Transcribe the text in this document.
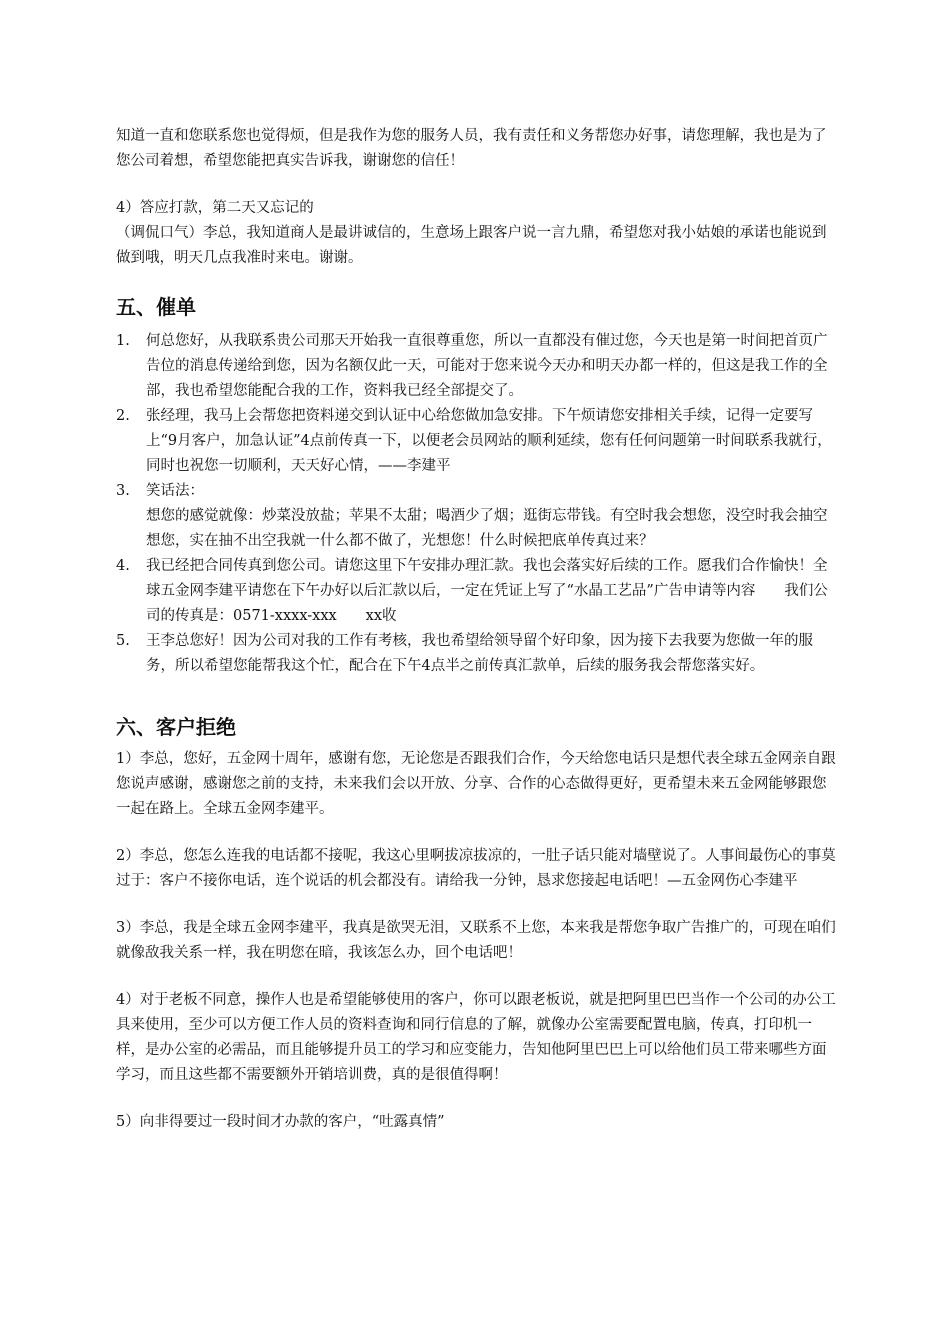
知道一直和您联系您也觉得烦，但是我作为您的服务人员，我有责任和义务帮您办好事，请您理解，我也是为了您公司着想，希望您能把真实告诉我，谢谢您的信任！

4）答应打款，第二天又忘记的

（调侃口气）李总，我知道商人是最讲诚信的，生意场上跟客户说一言九鼎，希望您对我小姑娘的承诺也能说到做到哦，明天几点我准时来电。谢谢。

五、催单
1. 何总您好，从我联系贵公司那天开始我一直很尊重您，所以一直都没有催过您，今天也是第一时间把首页广告位的消息传递给到您，因为名额仅此一天，可能对于您来说今天办和明天办都一样的，但这是我工作的全部，我也希望您能配合我的工作，资料我已经全部提交了。
2. 张经理，我马上会帮您把资料递交到认证中心给您做加急安排。下午烦请您安排相关手续，记得一定要写上“9月客户，加急认证”4点前传真一下，以便老会员网站的顺利延续，您有任何问题第一时间联系我就行，同时也祝您一切顺利，天天好心情，——李建平
3. 笑话法：
想您的感觉就像：炒菜没放盐；苹果不太甜；喝酒少了烟；逛街忘带钱。有空时我会想您，没空时我会抽空想您，实在抽不出空我就一什么都不做了，光想您！什么时候把底单传真过来？
4. 我已经把合同传真到您公司。请您这里下午安排办理汇款。我也会落实好后续的工作。愿我们合作愉快！全球五金网李建平请您在下午办好以后汇款以后，一定在凭证上写了“水晶工艺品”广告申请等内容　　我们公司的传真是：0571-xxxx-xxx　　xx收
5. 王李总您好！因为公司对我的工作有考核，我也希望给领导留个好印象，因为接下去我要为您做一年的服务，所以希望您能帮我这个忙，配合在下午4点半之前传真汇款单，后续的服务我会帮您落实好。
六、客户拒绝

1）李总，您好，五金网十周年，感谢有您，无论您是否跟我们合作，今天给您电话只是想代表全球五金网亲自跟您说声感谢，感谢您之前的支持，未来我们会以开放、分享、合作的心态做得更好，更希望未来五金网能够跟您一起在路上。全球五金网李建平。

2）李总，您怎么连我的电话都不接呢，我这心里啊拔凉拔凉的，一肚子话只能对墙壁说了。人事间最伤心的事莫过于：客户不接你电话，连个说话的机会都没有。请给我一分钟，恳求您接起电话吧！—五金网伤心李建平

3）李总，我是全球五金网李建平，我真是欲哭无泪，又联系不上您，本来我是帮您争取广告推广的，可现在咱们就像敌我关系一样，我在明您在暗，我该怎么办，回个电话吧！

4）对于老板不同意，操作人也是希望能够使用的客户，你可以跟老板说，就是把阿里巴巴当作一个公司的办公工具来使用，至少可以方便工作人员的资料查询和同行信息的了解，就像办公室需要配置电脑，传真，打印机一样，是办公室的必需品，而且能够提升员工的学习和应变能力，告知他阿里巴巴上可以给他们员工带来哪些方面学习，而且这些都不需要额外开销培训费，真的是很值得啊！

5）向非得要过一段时间才办款的客户，“吐露真情”
